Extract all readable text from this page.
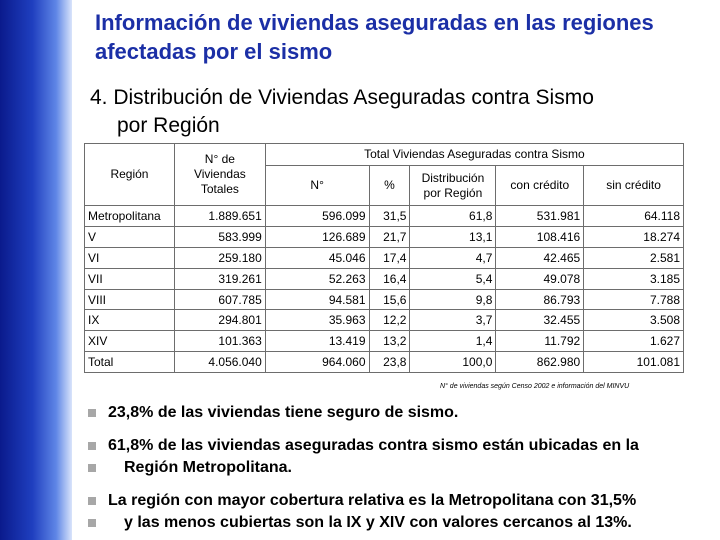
Información de viviendas aseguradas en las regiones afectadas por el sismo
4. Distribución de Viviendas Aseguradas contra Sismo
por Región
Región	N° de Viviendas Totales	Total Viviendas Aseguradas contra Sismo				
		N°	%	Distribución por Región	con crédito	sin crédito
Metropolitana	1.889.651	596.099	31,5	61,8	531.981	64.118
V	583.999	126.689	21,7	13,1	108.416	18.274
VI	259.180	45.046	17,4	4,7	42.465	2.581
VII	319.261	52.263	16,4	5,4	49.078	3.185
VIII	607.785	94.581	15,6	9,8	86.793	7.788
IX	294.801	35.963	12,2	3,7	32.455	3.508
XIV	101.363	13.419	13,2	1,4	11.792	1.627
Total	4.056.040	964.060	23,8	100,0	862.980	101.081
N° de viviendas según Censo 2002 e información del MINVU
23,8% de las viviendas tiene seguro de sismo.
61,8% de las viviendas aseguradas contra sismo están ubicadas en la
Región Metropolitana.
La región con mayor cobertura relativa es la Metropolitana con 31,5%
y las menos cubiertas son la IX y XIV con valores cercanos al 13%.
